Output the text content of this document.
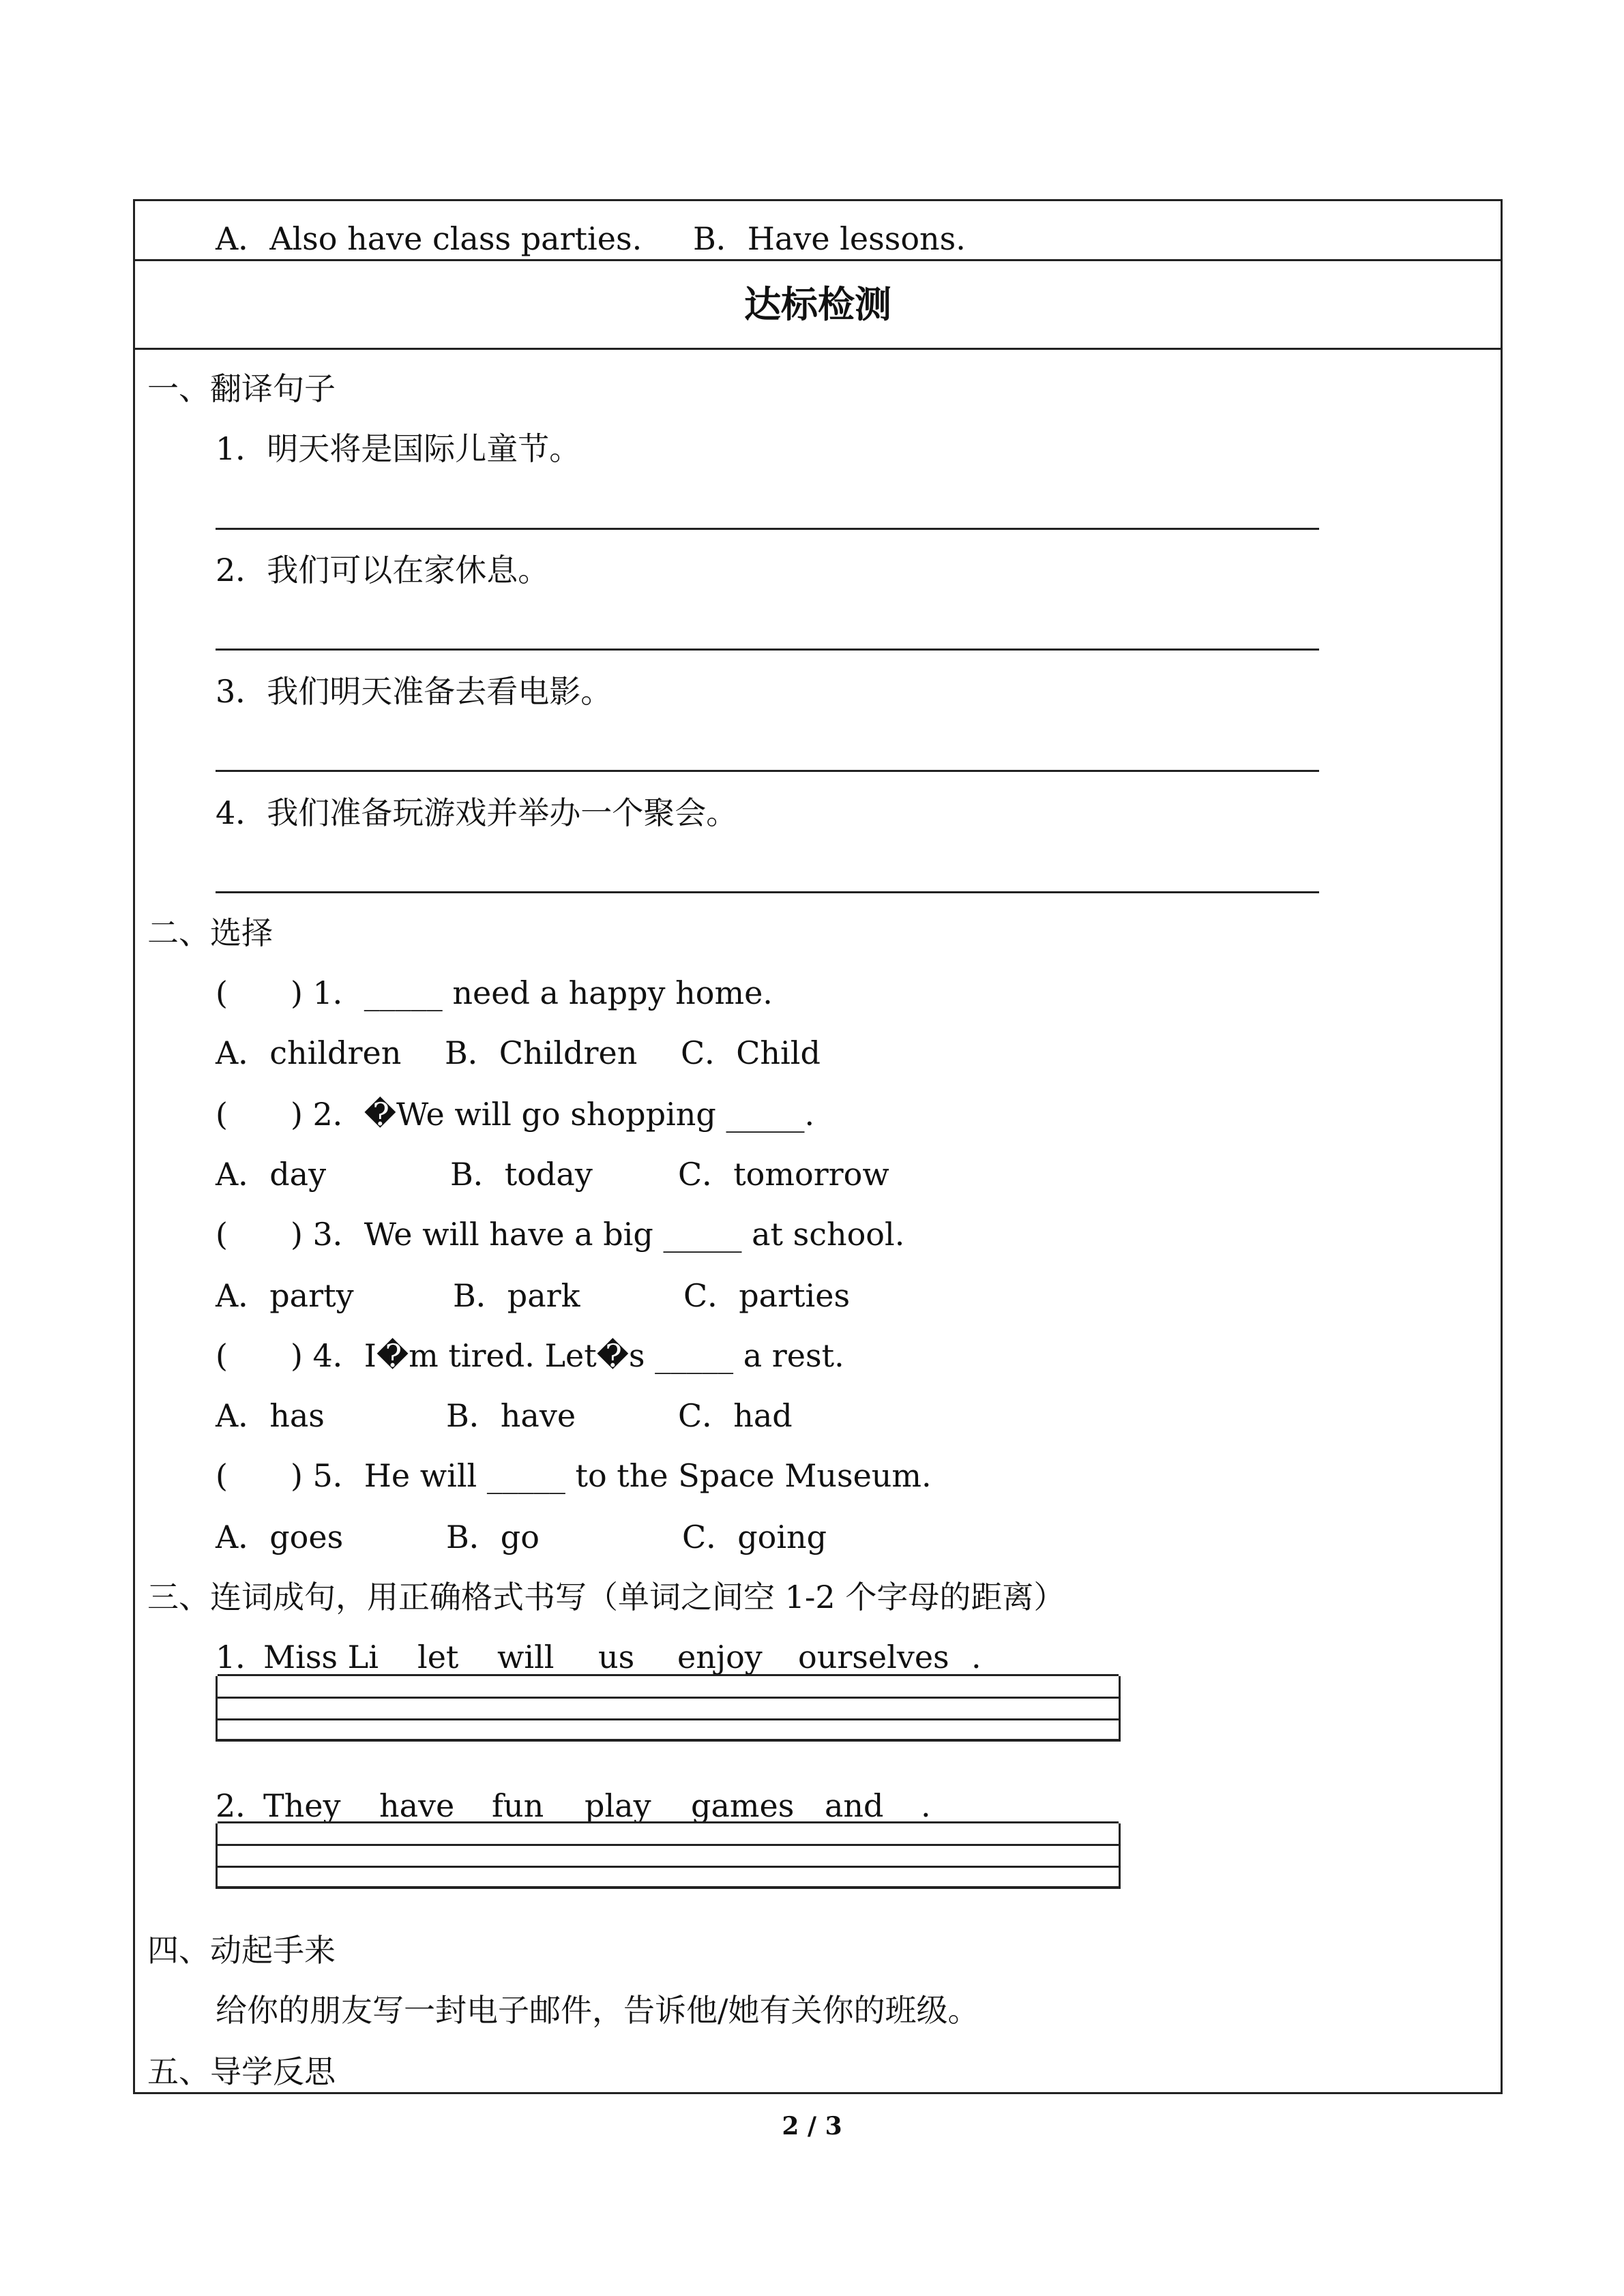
A．Also have class parties. B．Have lessons.
达标检测
一、翻译句子
1．明天将是国际儿童节。
2．我们可以在家休息。
3．我们明天准备去看电影。
4．我们准备玩游戏并举办一个聚会。
二、选择
(　　) 1．_____ need a happy home.
A．children B．Children C．Child
(　　) 2．�We will go shopping _____.
A．day	B．today	C．tomorrow
(　　) 3．We will have a big _____ at school.
A．party	B．park	C．parties
(　　) 4．I�m tired. Let�s _____ a rest.
A．has	B．have	C．had
(　　) 5．He will _____ to the Space Museum.
A．goes	B．go	C．going
三、连词成句，用正确格式书写（单词之间空 1-2 个字母的距离）
1．
Miss Li let will us enjoy ourselves .
2．
They have fun play games and .
四、动起手来
给你的朋友写一封电子邮件，告诉他/她有关你的班级。
五、导学反思
2 / 3
